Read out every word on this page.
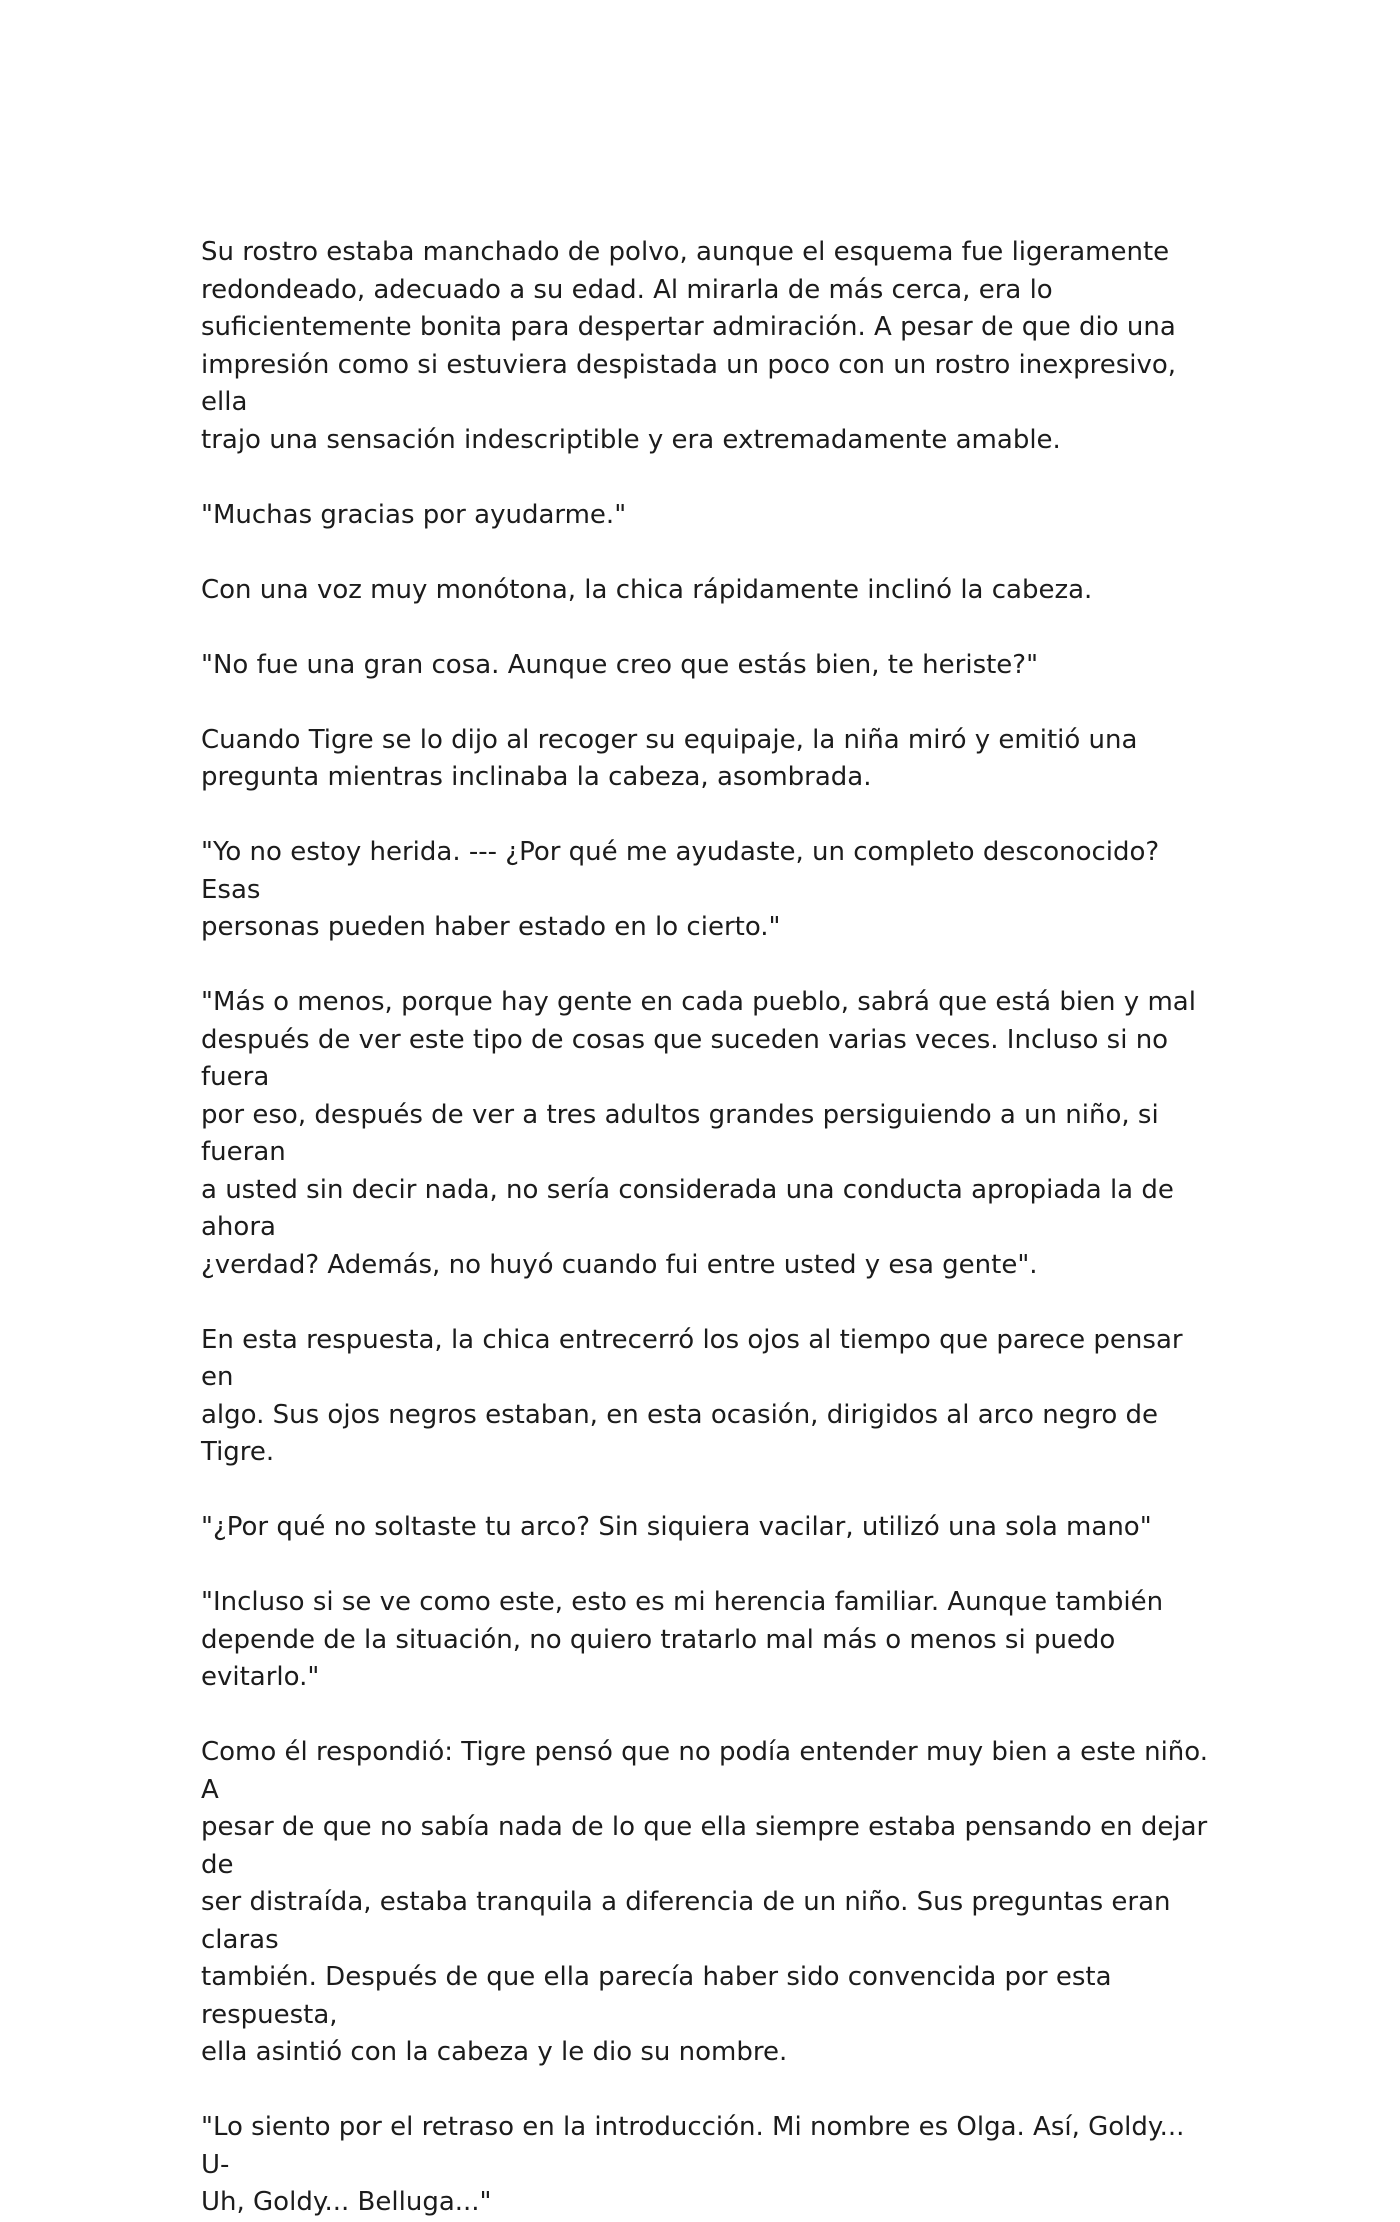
Su rostro estaba manchado de polvo, aunque el esquema fue ligeramente
redondeado, adecuado a su edad. Al mirarla de más cerca, era lo
suficientemente bonita para despertar admiración. A pesar de que dio una
impresión como si estuviera despistada un poco con un rostro inexpresivo, ella
trajo una sensación indescriptible y era extremadamente amable.

"Muchas gracias por ayudarme."

Con una voz muy monótona, la chica rápidamente inclinó la cabeza.

"No fue una gran cosa. Aunque creo que estás bien, te heriste?"

Cuando Tigre se lo dijo al recoger su equipaje, la niña miró y emitió una
pregunta mientras inclinaba la cabeza, asombrada.

"Yo no estoy herida. --- ¿Por qué me ayudaste, un completo desconocido? Esas
personas pueden haber estado en lo cierto."

"Más o menos, porque hay gente en cada pueblo, sabrá que está bien y mal
después de ver este tipo de cosas que suceden varias veces. Incluso si no fuera
por eso, después de ver a tres adultos grandes persiguiendo a un niño, si fueran
a usted sin decir nada, no sería considerada una conducta apropiada la de ahora
¿verdad? Además, no huyó cuando fui entre usted y esa gente".

En esta respuesta, la chica entrecerró los ojos al tiempo que parece pensar en
algo. Sus ojos negros estaban, en esta ocasión, dirigidos al arco negro de Tigre.

"¿Por qué no soltaste tu arco? Sin siquiera vacilar, utilizó una sola mano"

"Incluso si se ve como este, esto es mi herencia familiar. Aunque también
depende de la situación, no quiero tratarlo mal más o menos si puedo evitarlo."

Como él respondió: Tigre pensó que no podía entender muy bien a este niño. A
pesar de que no sabía nada de lo que ella siempre estaba pensando en dejar de
ser distraída, estaba tranquila a diferencia de un niño. Sus preguntas eran claras
también. Después de que ella parecía haber sido convencida por esta respuesta,
ella asintió con la cabeza y le dio su nombre.

"Lo siento por el retraso en la introducción. Mi nombre es Olga. Así, Goldy... U-
Uh, Goldy... Belluga..."
